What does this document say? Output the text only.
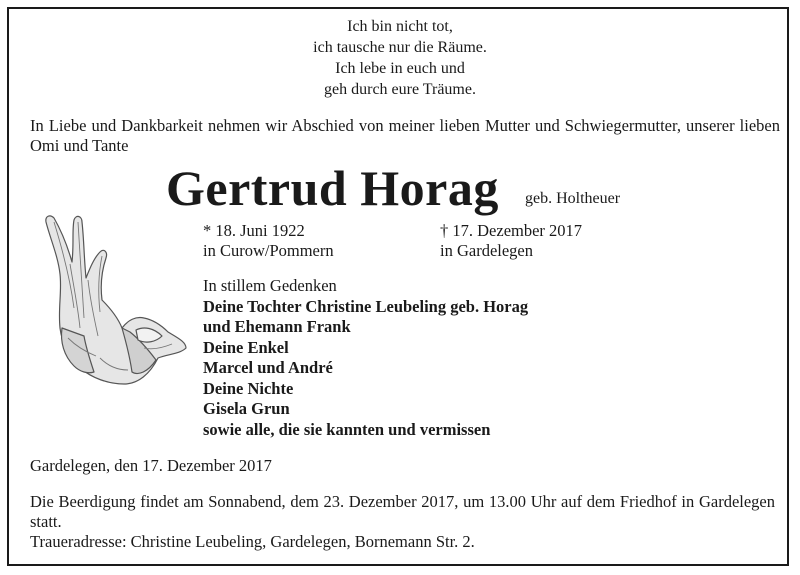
Ich bin nicht tot,
ich tausche nur die Räume.
Ich lebe in euch und
geh durch eure Träume.
In Liebe und Dankbarkeit nehmen wir Abschied von meiner lieben Mutter und Schwiegermutter, unserer lieben Omi und Tante
Gertrud Horag geb. Holtheuer
* 18. Juni 1922
in Curow/Pommern
† 17. Dezember 2017
in Gardelegen
In stillem Gedenken
Deine Tochter Christine Leubeling geb. Horag
und Ehemann Frank
Deine Enkel
Marcel und André
Deine Nichte
Gisela Grun
sowie alle, die sie kannten und vermissen
Gardelegen, den 17. Dezember 2017
Die Beerdigung findet am Sonnabend, dem 23. Dezember 2017, um 13.00 Uhr auf dem Friedhof in Gardelegen statt.
Traueradresse: Christine Leubeling, Gardelegen, Bornemann Str. 2.
